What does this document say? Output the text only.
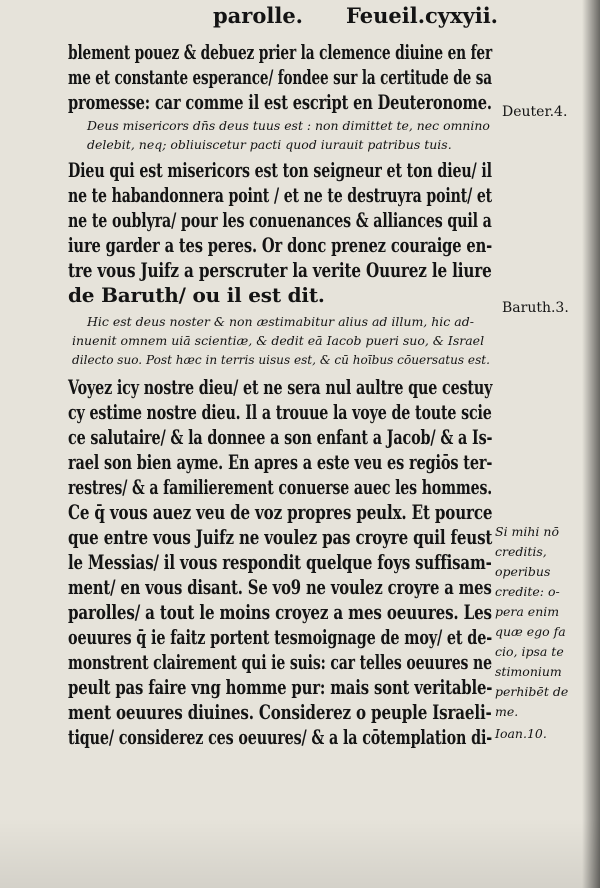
parolle. Feueil.cyxyii.
blement pouez & debuez prier la clemence diuine en fer
me et constante esperance/ fondee sur la certitude de sa
promesse: car comme il est escript en Deuteronome.
Deus misericors dn̄s deus tuus est : non dimittet te, nec omnino
delebit, neq; obliuiscetur pacti quod iurauit patribus tuis.
Dieu qui est misericors est ton seigneur et ton dieu/ il
ne te habandonnera point / et ne te destruyra point/ et
ne te oublyra/ pour les conuenances & alliances quil a
iure garder a tes peres. Or donc prenez couraige en-
tre vous Juifz a perscruter la verite Ouurez le liure
de Baruth/ ou il est dit.
Hic est deus noster & non æstimabitur alius ad illum, hic ad-
inuenit omnem uiā scientiæ, & dedit eā Iacob pueri suo, & Israel
dilecto suo. Post hæc in terris uisus est, & cū hoībus cōuersatus est.
Voyez icy nostre dieu/ et ne sera nul aultre que cestuy
cy estime nostre dieu. Il a trouue la voye de toute scie
ce salutaire/ & la donnee a son enfant a Jacob/ & a Is-
rael son bien ayme. En apres a este veu es regiōs ter-
restres/ & a familierement conuerse auec les hommes.
Ce q̄ vous auez veu de voz propres peulx. Et pource
que entre vous Juifz ne voulez pas croyre quil feust
le Messias/ il vous respondit quelque foys suffisam-
ment/ en vous disant. Se vo9 ne voulez croyre a mes
parolles/ a tout le moins croyez a mes oeuures. Les
oeuures q̄ ie faitz portent tesmoignage de moy/ et de-
monstrent clairement qui ie suis: car telles oeuures ne
peult pas faire vng homme pur: mais sont veritable-
ment oeuures diuines. Considerez o peuple Israeli-
tique/ considerez ces oeuures/ & a la cōtemplation di-
Deuter.4.
Baruth.3.
Si mihi nō
creditis,
operibus
credite: o-
pera enim
quæ ego fa
cio, ipsa te
stimonium
perhibēt de
me.
Ioan.10.
